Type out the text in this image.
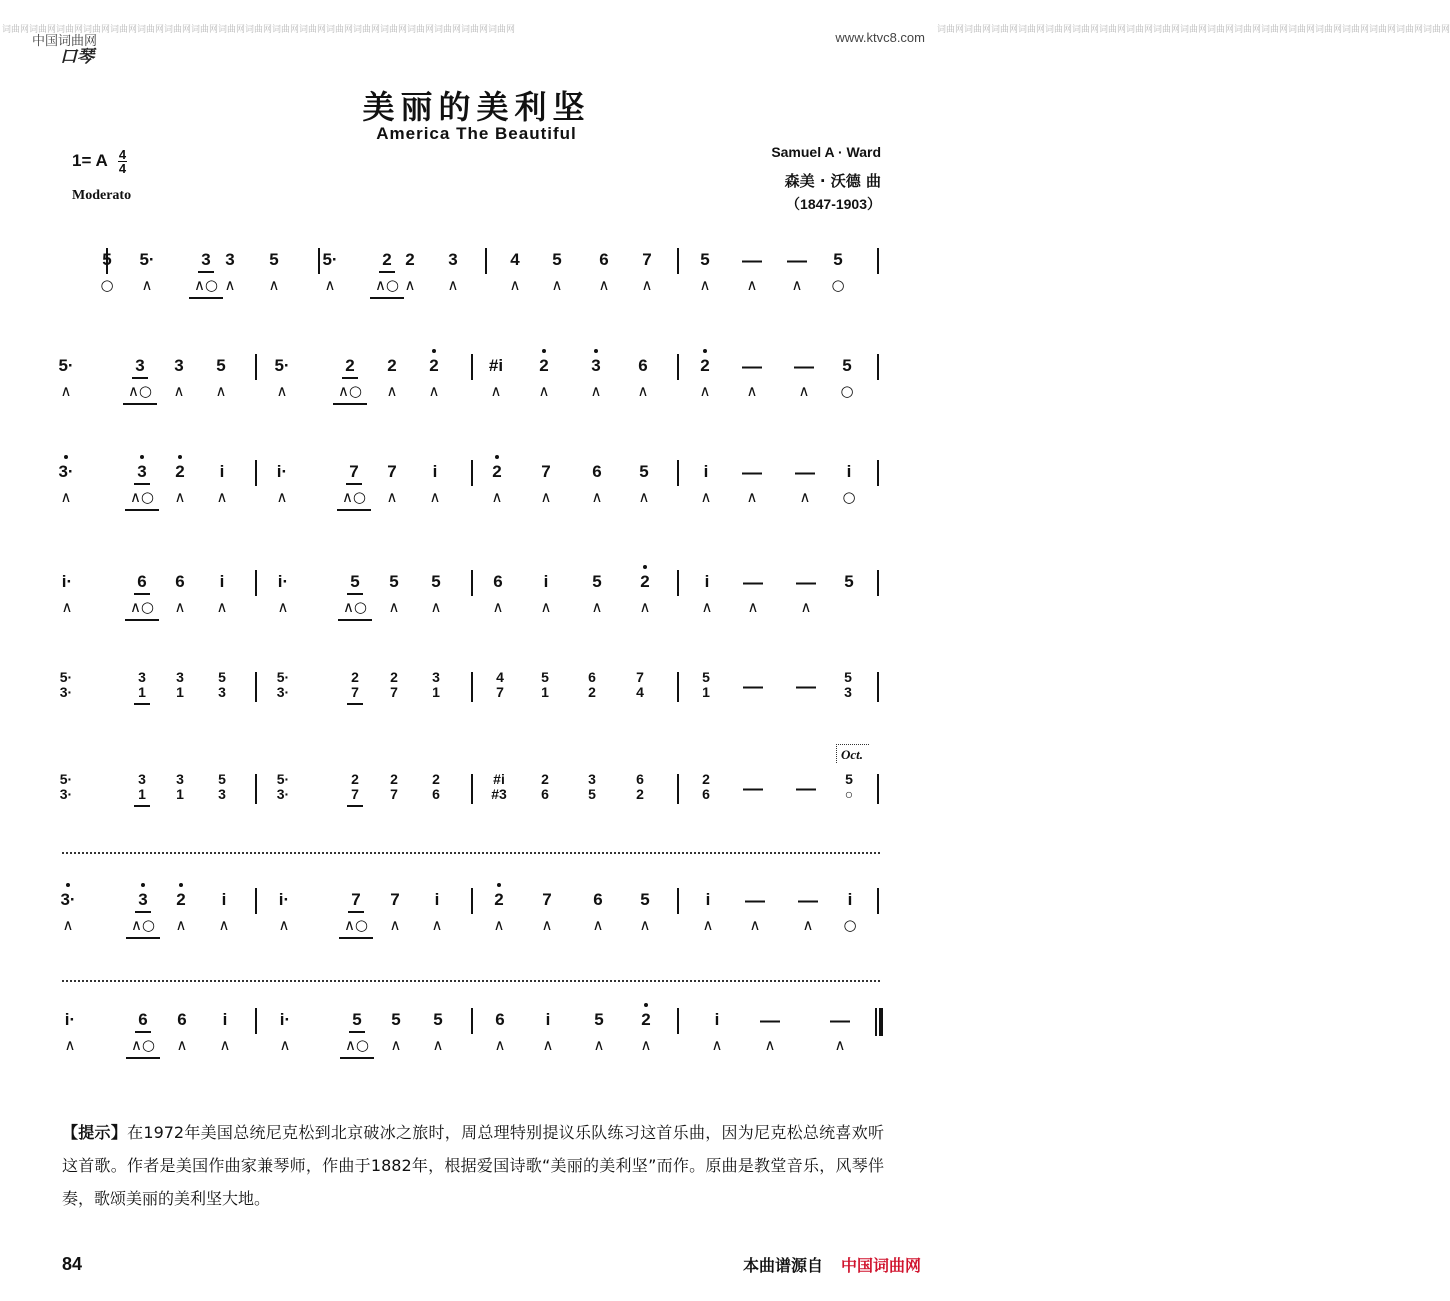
词曲网词曲网词曲网词曲网词曲网词曲网词曲网词曲网词曲网词曲网词曲网词曲网词曲网词曲网词曲网词曲网词曲网词曲网词曲网	词曲网词曲网词曲网词曲网词曲网词曲网词曲网词曲网词曲网词曲网词曲网词曲网词曲网词曲网词曲网词曲网词曲网词曲网词曲网
中国词曲网	www.ktvc8.com
口琴
美丽的美利坚
America The Beautiful
1= A $\frac{4}{4}$
Moderato
Samuel A · Ward
森美 · 沃德 曲
（1847-1903）
5
○
5·
∧
3
∧○
3
∧
5
∧
5·
∧
2
∧○
2
∧
3
∧
4
∧
5
∧
6
∧
7
∧
5
∧
—
∧
—
∧
5
○
5·
∧
3
∧○
3
∧
5
∧
5·
∧
2
∧○
2
∧
2
∧
#i
∧
2
∧
3
∧
6
∧
2
∧
—
∧
—
∧
5
○
3·
∧
3
∧○
2
∧
i
∧
i·
∧
7
∧○
7
∧
i
∧
2
∧
7
∧
6
∧
5
∧
i
∧
—
∧
—
∧
i
○
i·
∧
6
∧○
6
∧
i
∧
i·
∧
5
∧○
5
∧
5
∧
6
∧
i
∧
5
∧
2
∧
i
∧
—
∧
—
∧
5
5·
3·
3
1
3
1
5
3
5·
3·
2
7
2
7
3
1
4
7
5
1
6
2
7
4
5
1	— —	5
3
5·
3·
3
1
3
1
5
3
5·
3·
2
7
2
7
2
6
#i
#3
2
6
3
5
6
2
2
6	— —	5
○
3·
∧
3
∧○
2
∧
i
∧
i·
∧
7
∧○
7
∧
i
∧
2
∧
7
∧
6
∧
5
∧
i
∧
—
∧
—
∧
i
○
i·
∧
6
∧○
6
∧
i
∧
i·
∧
5
∧○
5
∧
5
∧
6
∧
i
∧
5
∧
2
∧
i
∧
—
∧
—
∧
Oct.
【提示】在1972年美国总统尼克松到北京破冰之旅时，周总理特别提议乐队练习这首乐曲，因为尼克松总统喜欢听这首歌。作者是美国作曲家兼琴师，作曲于1882年，根据爱国诗歌“美丽的美利坚”而作。原曲是教堂音乐，风琴伴奏，歌颂美丽的美利坚大地。
84	本曲谱源自 中国词曲网
